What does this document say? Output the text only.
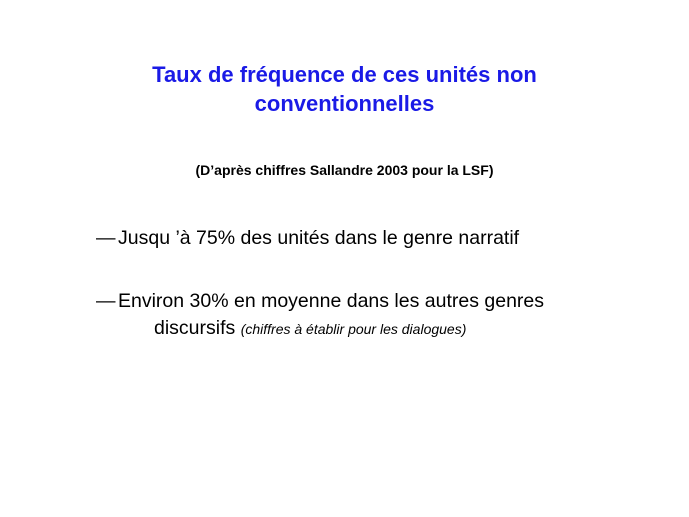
Taux de fréquence de ces unités non
conventionnelles
(D’après chiffres Sallandre 2003 pour la LSF)
— Jusqu ’à 75% des unités dans le genre narratif
— Environ 30% en moyenne dans les autres genres
discursifs (chiffres à établir pour les dialogues)
